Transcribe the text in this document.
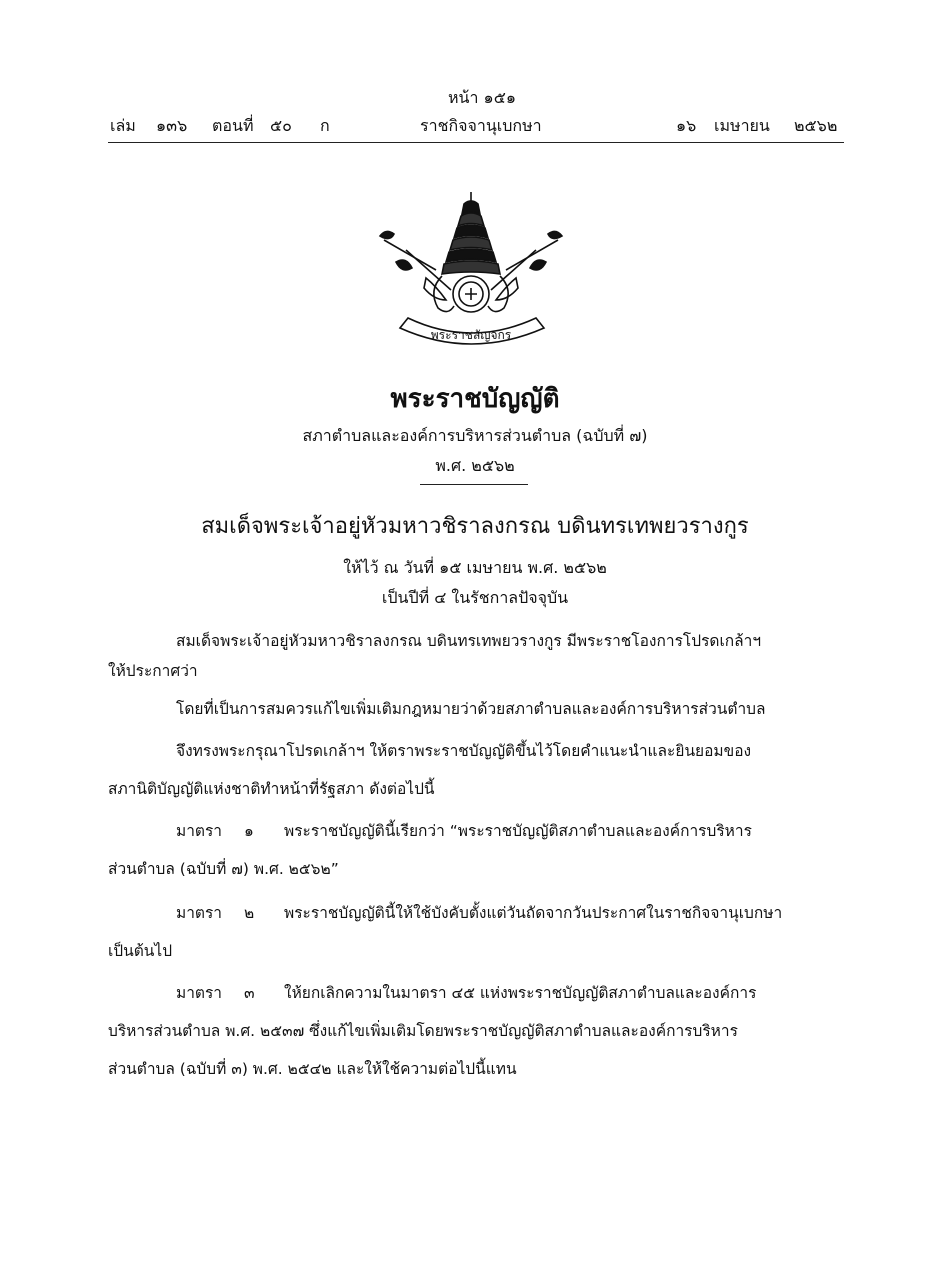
หน้า ๑๕๑
เล่ม ๑๓๖ ตอนที่ ๕๐ ก	ราชกิจจานุเบกษา	๑๖ เมษายน ๒๕๖๒
พระราชลัญจกร
พระราชบัญญัติ
สภาตำบลและองค์การบริหารส่วนตำบล (ฉบับที่ ๗)
พ.ศ. ๒๕๖๒
สมเด็จพระเจ้าอยู่หัวมหาวชิราลงกรณ บดินทรเทพยวรางกูร
ให้ไว้ ณ วันที่ ๑๕ เมษายน พ.ศ. ๒๕๖๒
เป็นปีที่ ๔ ในรัชกาลปัจจุบัน
สมเด็จพระเจ้าอยู่หัวมหาวชิราลงกรณ บดินทรเทพยวรางกูร มีพระราชโองการโปรดเกล้าฯ
ให้ประกาศว่า
โดยที่เป็นการสมควรแก้ไขเพิ่มเติมกฎหมายว่าด้วยสภาตำบลและองค์การบริหารส่วนตำบล
จึงทรงพระกรุณาโปรดเกล้าฯ ให้ตราพระราชบัญญัติขึ้นไว้โดยคำแนะนำและยินยอมของ
สภานิติบัญญัติแห่งชาติทำหน้าที่รัฐสภา ดังต่อไปนี้
มาตรา ๑ พระราชบัญญัตินี้เรียกว่า “พระราชบัญญัติสภาตำบลและองค์การบริหาร
ส่วนตำบล (ฉบับที่ ๗) พ.ศ. ๒๕๖๒”
มาตรา ๒ พระราชบัญญัตินี้ให้ใช้บังคับตั้งแต่วันถัดจากวันประกาศในราชกิจจานุเบกษา
เป็นต้นไป
มาตรา ๓ ให้ยกเลิกความในมาตรา ๔๕ แห่งพระราชบัญญัติสภาตำบลและองค์การ
บริหารส่วนตำบล พ.ศ. ๒๕๓๗ ซึ่งแก้ไขเพิ่มเติมโดยพระราชบัญญัติสภาตำบลและองค์การบริหาร
ส่วนตำบล (ฉบับที่ ๓) พ.ศ. ๒๕๔๒ และให้ใช้ความต่อไปนี้แทน
